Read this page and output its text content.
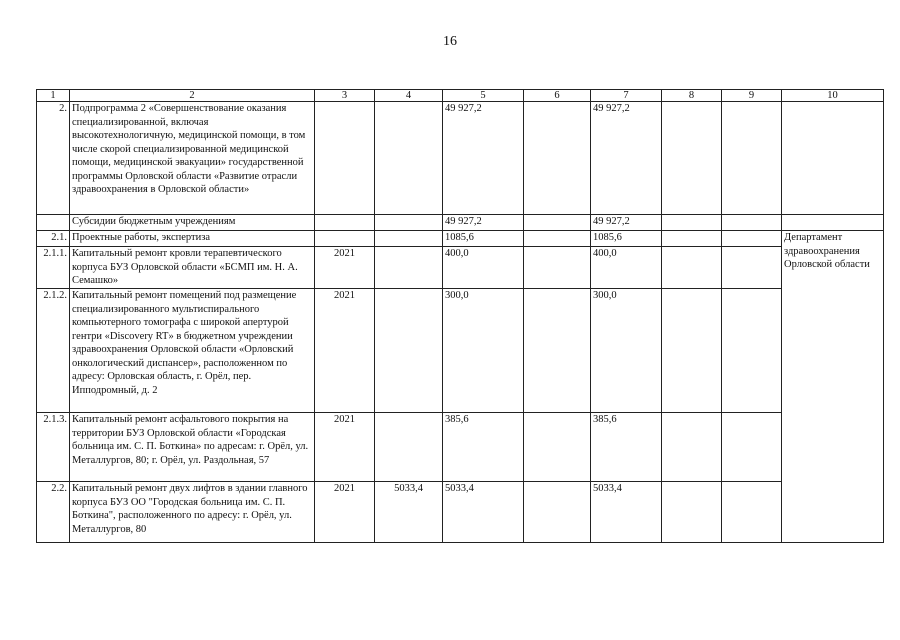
16
1	2	3	4	5	6	7	8	9	10	
2.	Подпрограмма 2 «Совершенствование оказания специализированной, включая высокотехнологичную, медицинской помощи, в том числе скорой специализированной медицинской помощи, медицинской эвакуации» государственной программы Орловской области «Развитие отрасли здравоохранения в Орловской области»			49 927,2		49 927,2				
	Субсидии бюджетным учреждениям			49 927,2		49 927,2				
2.1.	Проектные работы, экспертиза			1085,6		1085,6			Департамент здравоохранения Орловской области	
2.1.1.	Капитальный ремонт кровли терапевтического корпуса БУЗ Орловской области «БСМП им. Н. А. Семашко»	2021		400,0		400,0				
2.1.2.	Капитальный ремонт помещений под размещение специализированного мультиспирального компьютерного томографа с широкой апертурой гентри «Discovery RT» в бюджетном учреждении здравоохранения Орловской области «Орловский онкологический диспансер», расположенном по адресу: Орловская область, г. Орёл, пер. Ипподромный, д. 2	2021		300,0		300,0				
2.1.3.	Капитальный ремонт асфальтового покрытия на территории БУЗ Орловской области «Городская больница им. С. П. Боткина» по адресам: г. Орёл, ул. Металлургов, 80; г. Орёл, ул. Раздольная, 57	2021		385,6		385,6				
2.2.	Капитальный ремонт двух лифтов в здании главного корпуса БУЗ ОО "Городская больница им. С. П. Боткина", расположенного по адресу: г. Орёл, ул. Металлургов, 80	2021	5033,4	5033,4		5033,4				
